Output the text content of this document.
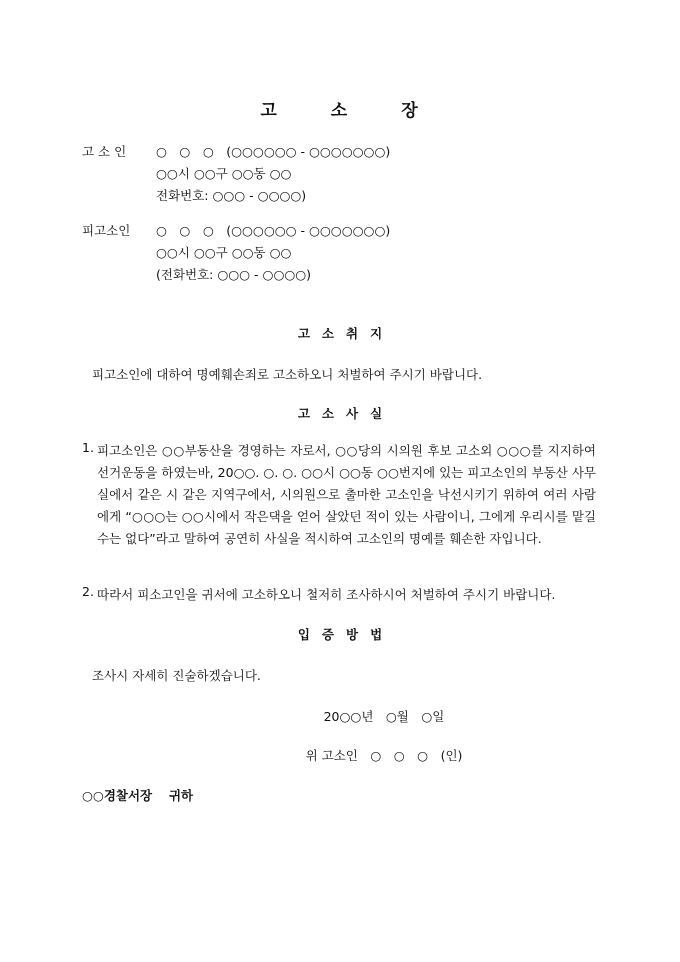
고	소	장
고 소 인	○　○　○　(○○○○○○ - ○○○○○○○)
○○시 ○○구 ○○동 ○○
전화번호: ○○○ - ○○○○)
피고소인	○　○　○　(○○○○○○ - ○○○○○○○)
○○시 ○○구 ○○동 ○○
(전화번호: ○○○ - ○○○○)
고 소 취 지
피고소인에 대하여 명예훼손죄로 고소하오니 처벌하여 주시기 바랍니다.
고 소 사 실
1. 피고소인은 ○○부동산을 경영하는 자로서, ○○당의 시의원 후보 고소외 ○○○를 지지하여 선거운동을 하였는바, 20○○. ○. ○. ○○시 ○○동 ○○번지에 있는 피고소인의 부동산 사무실에서 같은 시 같은 지역구에서, 시의원으로 출마한 고소인을 낙선시키기 위하여 여러 사람에게 “○○○는 ○○시에서 작은댁을 얻어 살았던 적이 있는 사람이니, 그에게 우리시를 맡길 수는 없다”라고 말하여 공연히 사실을 적시하여 고소인의 명예를 훼손한 자입니다.
2. 따라서 피소고인을 귀서에 고소하오니 철저히 조사하시어 처벌하여 주시기 바랍니다.
입 증 방 법
조사시 자세히 진술하겠습니다.
20○○년　○월　○일
위 고소인　○　○　○　(인)
○○경찰서장　 귀하
